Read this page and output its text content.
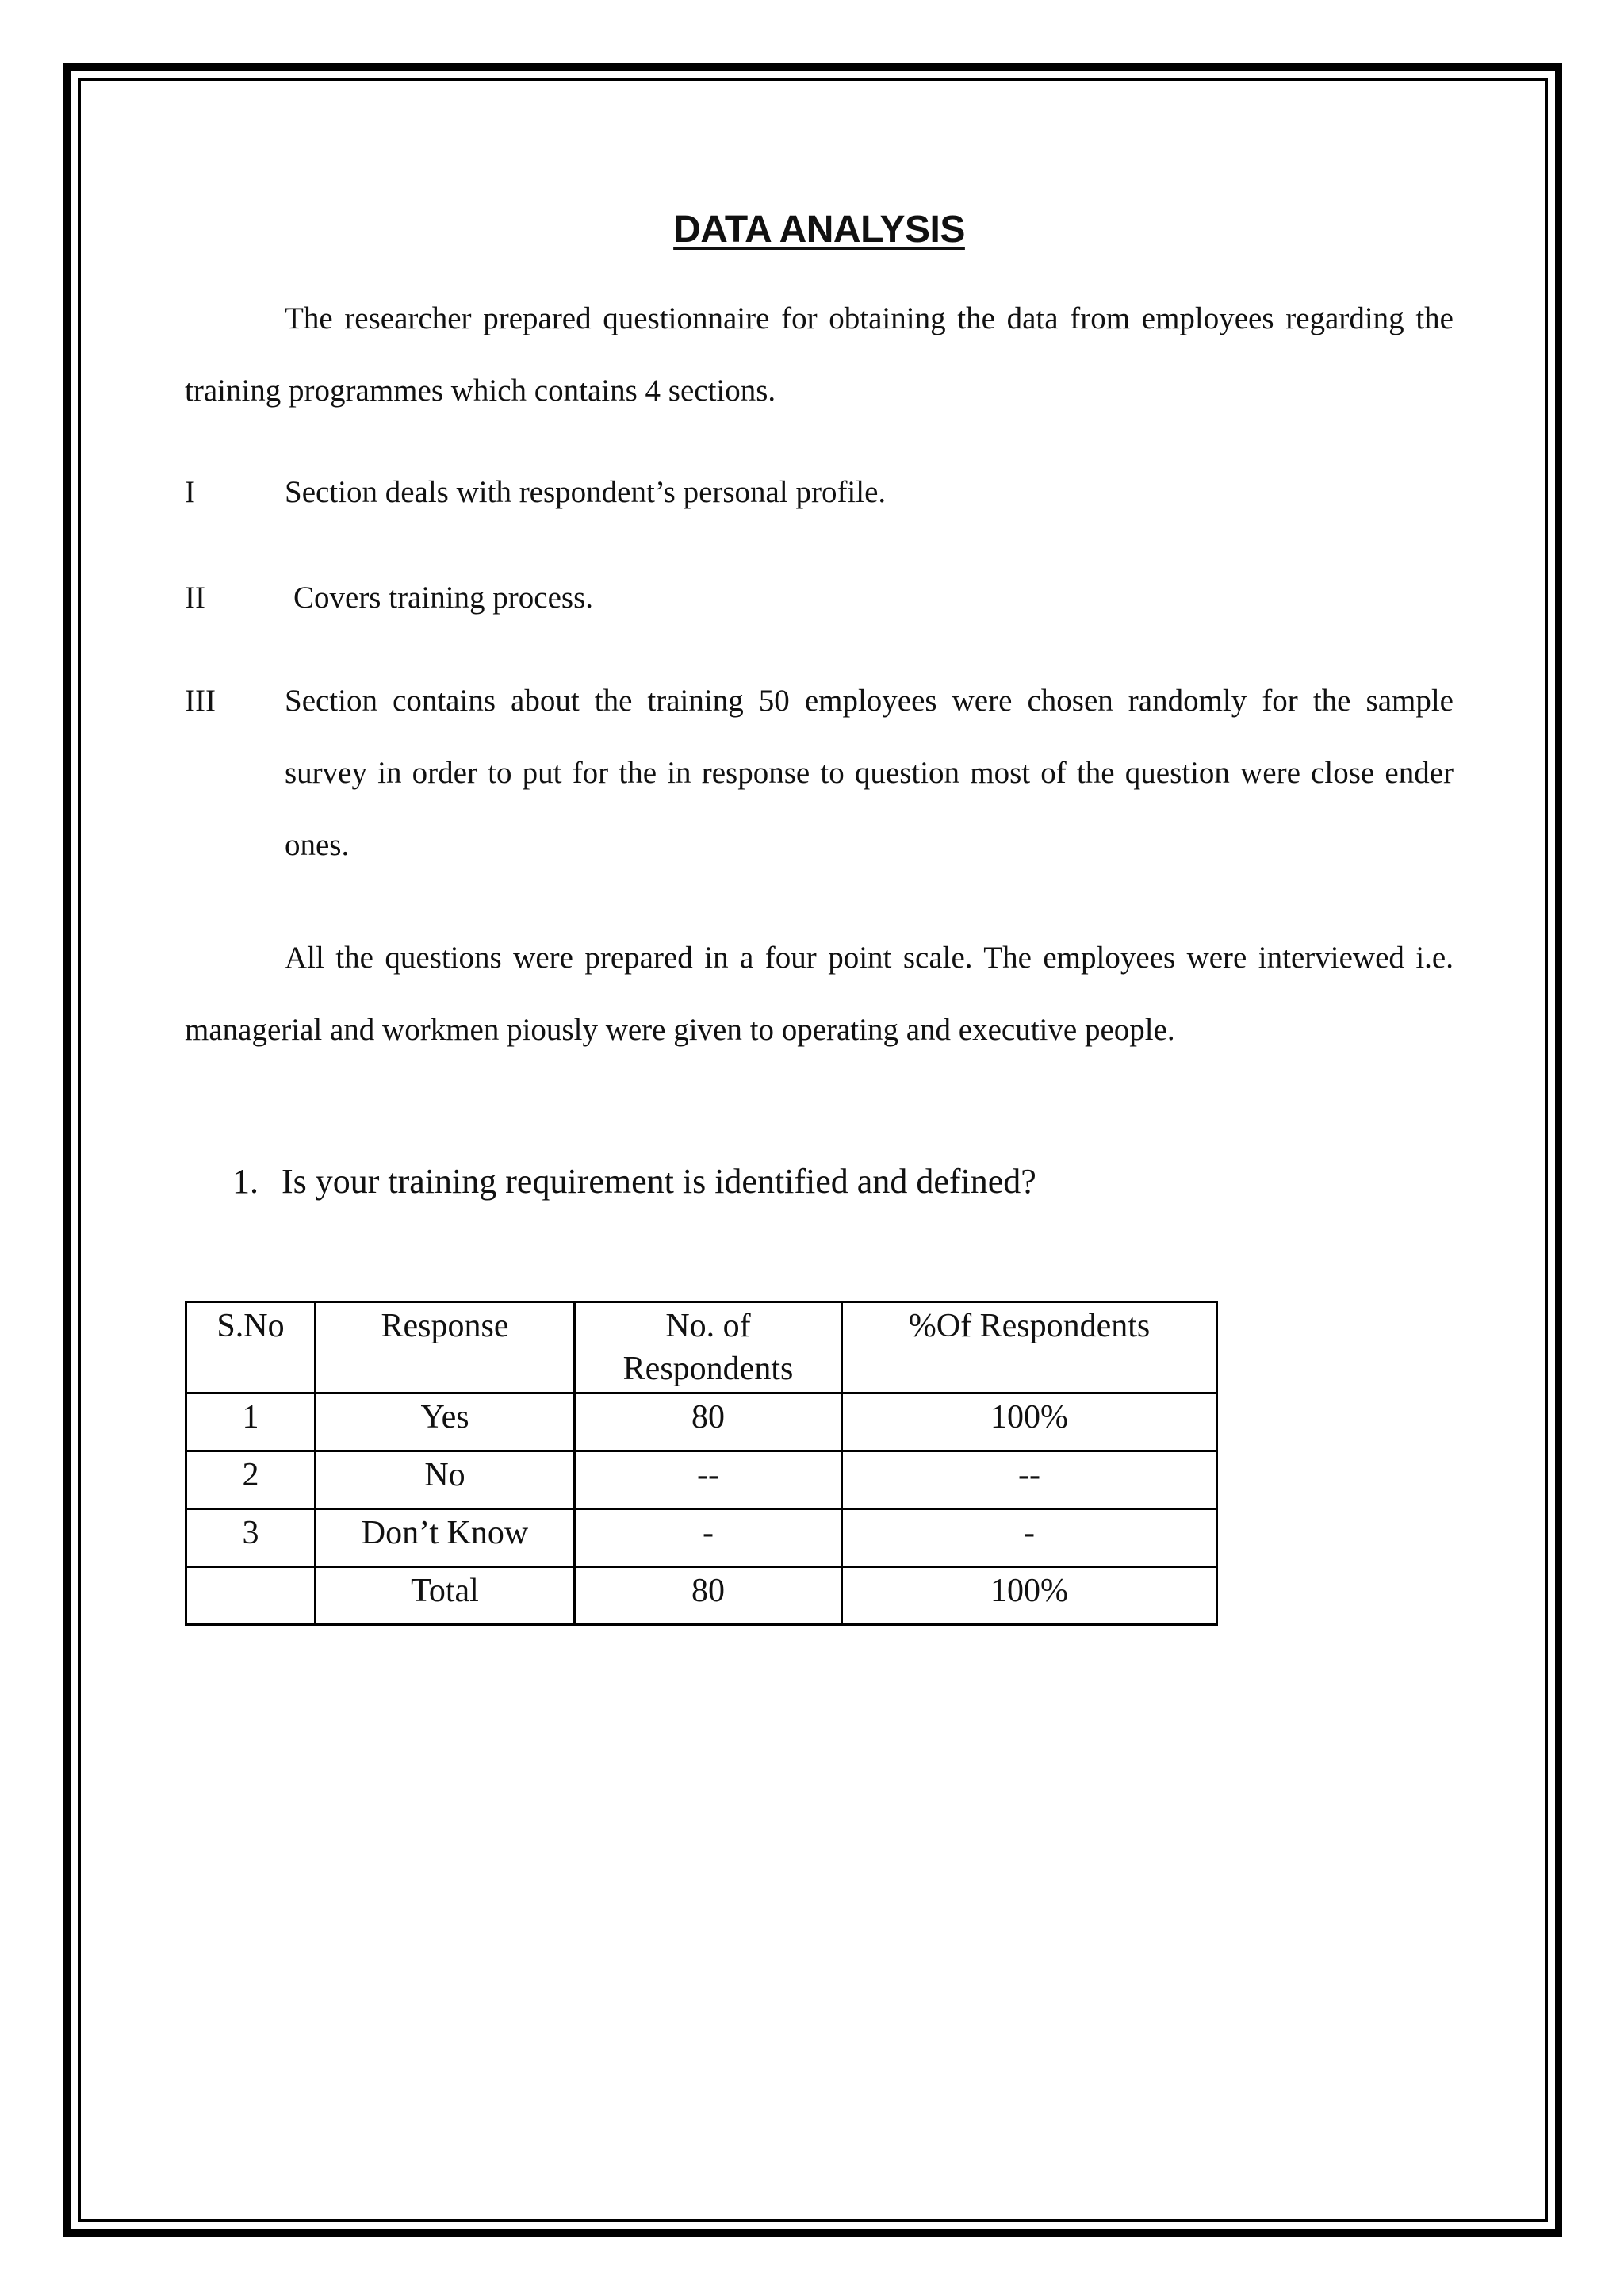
DATA ANALYSIS
The researcher prepared questionnaire for obtaining the data from employees regarding the training programmes which contains 4 sections.
I	Section deals with respondent’s personal profile.
II	Covers training process.
III Section contains about the training 50 employees were chosen randomly for the sample survey in order to put for the in response to question most of the question were close ender ones.
All the questions were prepared in a four point scale. The employees were interviewed i.e. managerial and workmen piously were given to operating and executive people.
1. Is your training requirement is identified and defined?
S.No	Response	No. of Respondents	%Of Respondents
1	Yes	80	100%
2	No	--	--
3	Don’t Know	-	-
	Total	80	100%
